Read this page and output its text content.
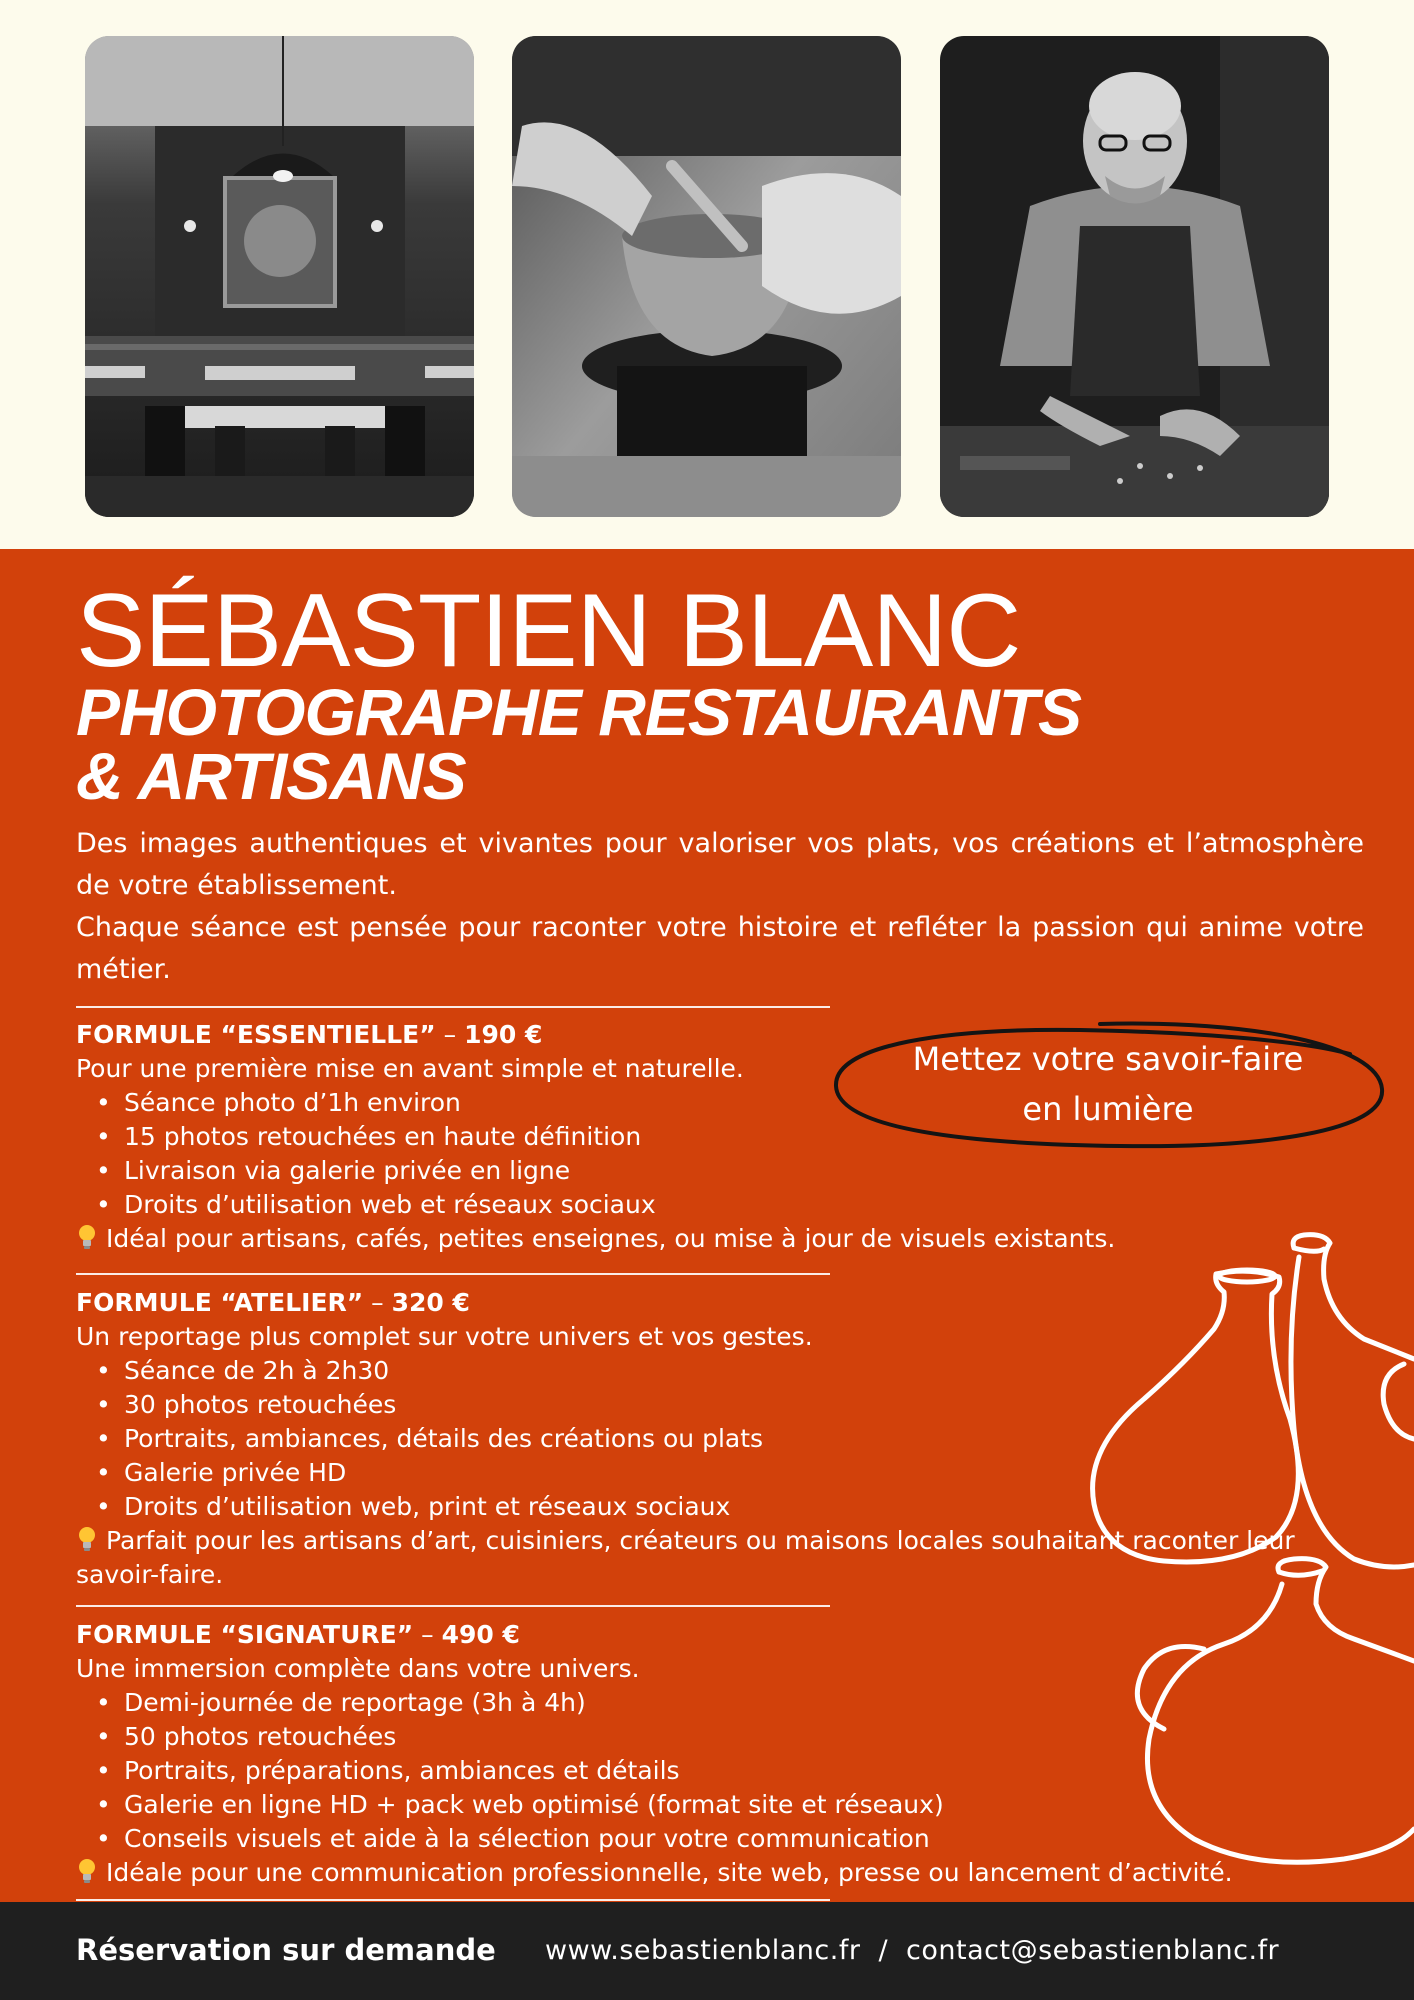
SÉBASTIEN BLANC
PHOTOGRAPHE RESTAURANTS
& ARTISANS

Des images authentiques et vivantes pour valoriser vos plats, vos créations et l’atmosphère de votre établissement.

Chaque séance est pensée pour raconter votre histoire et refléter la passion qui anime votre métier.

FORMULE “ESSENTIELLE” – 190 €
Pour une première mise en avant simple et naturelle.
• Séance photo d’1h environ
• 15 photos retouchées en haute définition
• Livraison via galerie privée en ligne
• Droits d’utilisation web et réseaux sociaux
Idéal pour artisans, cafés, petites enseignes, ou mise à jour de visuels existants.
FORMULE “ATELIER” – 320 €
Un reportage plus complet sur votre univers et vos gestes.
• Séance de 2h à 2h30
• 30 photos retouchées
• Portraits, ambiances, détails des créations ou plats
• Galerie privée HD
• Droits d’utilisation web, print et réseaux sociaux
Parfait pour les artisans d’art, cuisiniers, créateurs ou maisons locales souhaitant raconter leur savoir-faire.
FORMULE “SIGNATURE” – 490 €
Une immersion complète dans votre univers.
• Demi-journée de reportage (3h à 4h)
• 50 photos retouchées
• Portraits, préparations, ambiances et détails
• Galerie en ligne HD + pack web optimisé (format site et réseaux)
• Conseils visuels et aide à la sélection pour votre communication
Idéale pour une communication professionnelle, site web, presse ou lancement d’activité.
Mettez votre savoir-faire
en lumière
Réservation sur demande www.sebastienblanc.fr / contact@sebastienblanc.fr
